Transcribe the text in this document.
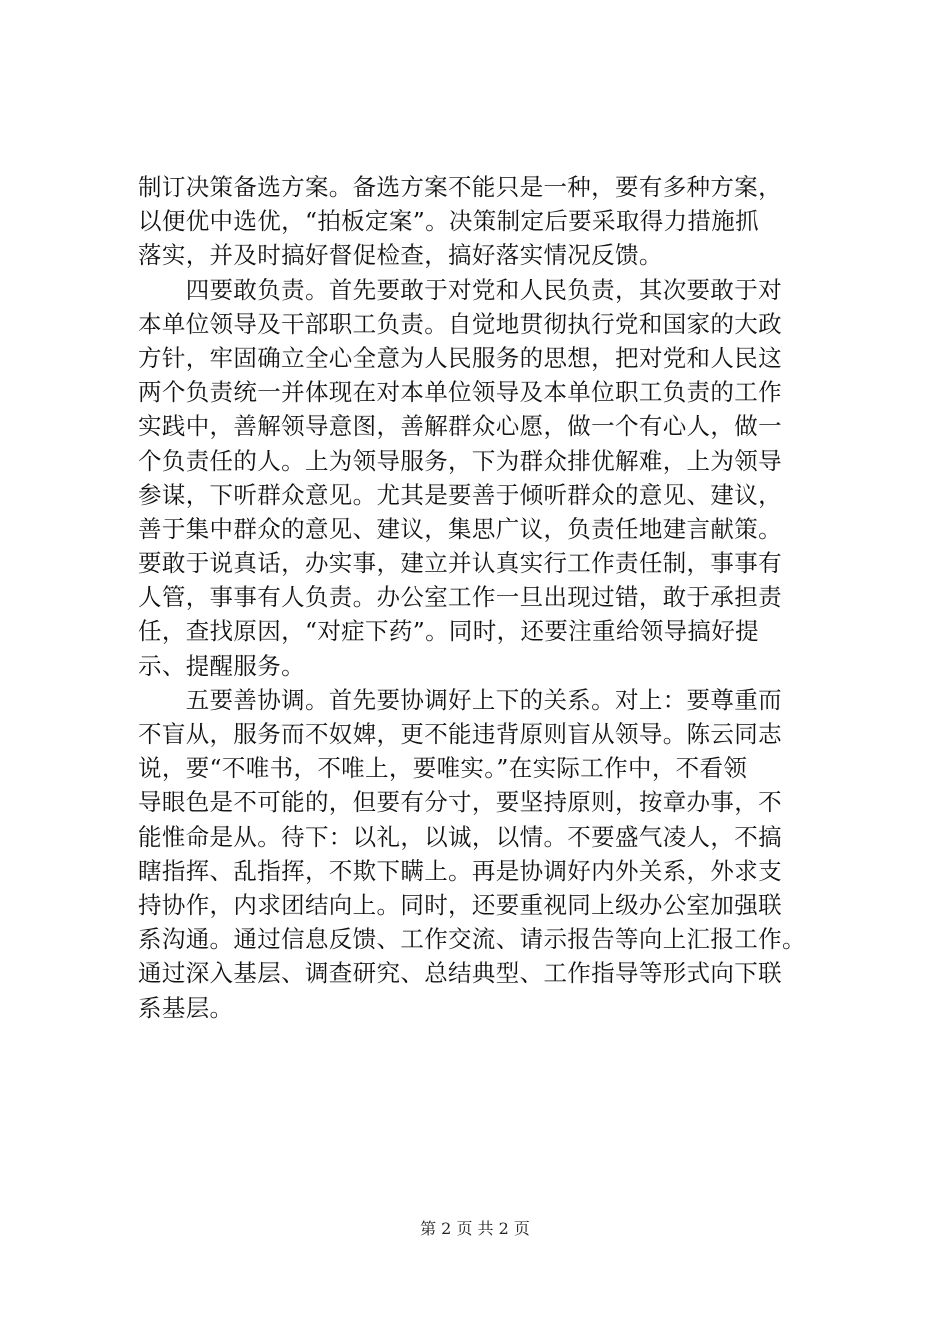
制订决策备选方案。备选方案不能只是一种，要有多种方案，
以便优中选优，“拍板定案”。决策制定后要采取得力措施抓
落实，并及时搞好督促检查，搞好落实情况反馈。
　　四要敢负责。首先要敢于对党和人民负责，其次要敢于对
本单位领导及干部职工负责。自觉地贯彻执行党和国家的大政
方针，牢固确立全心全意为人民服务的思想，把对党和人民这
两个负责统一并体现在对本单位领导及本单位职工负责的工作
实践中，善解领导意图，善解群众心愿，做一个有心人，做一
个负责任的人。上为领导服务，下为群众排优解难，上为领导
参谋，下听群众意见。尤其是要善于倾听群众的意见、建议，
善于集中群众的意见、建议，集思广议，负责任地建言献策。
要敢于说真话，办实事，建立并认真实行工作责任制，事事有
人管，事事有人负责。办公室工作一旦出现过错，敢于承担责
任，查找原因，“对症下药”。同时，还要注重给领导搞好提
示、提醒服务。
　　五要善协调。首先要协调好上下的关系。对上：要尊重而
不盲从，服务而不奴婢，更不能违背原则盲从领导。陈云同志
说，要“不唯书，不唯上，要唯实。”在实际工作中，不看领
导眼色是不可能的，但要有分寸，要坚持原则，按章办事，不
能惟命是从。待下：以礼，以诚，以情。不要盛气凌人，不搞
瞎指挥、乱指挥，不欺下瞒上。再是协调好内外关系，外求支
持协作，内求团结向上。同时，还要重视同上级办公室加强联
系沟通。通过信息反馈、工作交流、请示报告等向上汇报工作。
通过深入基层、调查研究、总结典型、工作指导等形式向下联
系基层。
第 2 页 共 2 页
